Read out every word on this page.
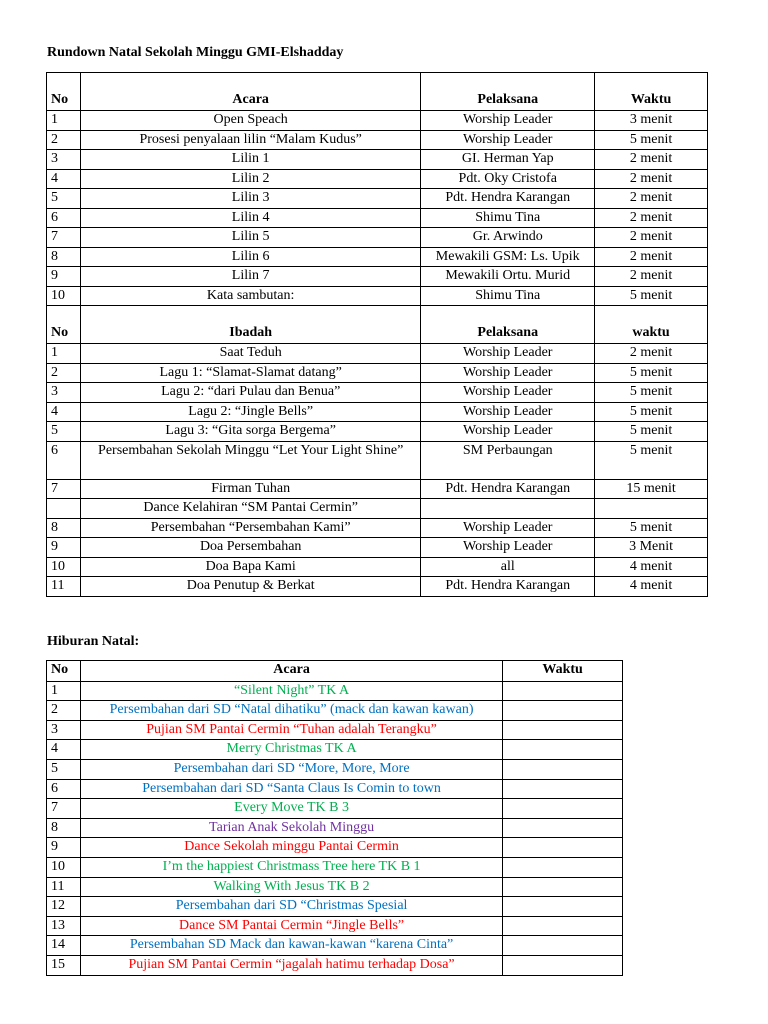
Rundown Natal Sekolah Minggu GMI-Elshadday
No	Acara	Pelaksana	Waktu
1	Open Speach	Worship Leader	3 menit
2	Prosesi penyalaan lilin “Malam Kudus”	Worship Leader	5 menit
3	Lilin 1	GI. Herman Yap	2 menit
4	Lilin 2	Pdt. Oky Cristofa	2 menit
5	Lilin 3	Pdt. Hendra Karangan	2 menit
6	Lilin 4	Shimu Tina	2 menit
7	Lilin 5	Gr. Arwindo	2 menit
8	Lilin 6	Mewakili GSM: Ls. Upik	2 menit
9	Lilin 7	Mewakili Ortu. Murid	2 menit
10	Kata sambutan:	Shimu Tina	5 menit
No	Ibadah	Pelaksana	waktu
1	Saat Teduh	Worship Leader	2 menit
2	Lagu 1: “Slamat-Slamat datang”	Worship Leader	5 menit
3	Lagu 2: “dari Pulau dan Benua”	Worship Leader	5 menit
4	Lagu 2: “Jingle Bells”	Worship Leader	5 menit
5	Lagu 3: “Gita sorga Bergema”	Worship Leader	5 menit
6	Persembahan Sekolah Minggu “Let Your Light Shine”	SM Perbaungan	5 menit
7	Firman Tuhan	Pdt. Hendra Karangan	15 menit
	Dance Kelahiran “SM Pantai Cermin”		
8	Persembahan “Persembahan Kami”	Worship Leader	5 menit
9	Doa Persembahan	Worship Leader	3 Menit
10	Doa Bapa Kami	all	4 menit
11	Doa Penutup & Berkat	Pdt. Hendra Karangan	4 menit
Hiburan Natal:
No	Acara	Waktu
1	“Silent Night” TK A	
2	Persembahan dari SD “Natal dihatiku” (mack dan kawan kawan)	
3	Pujian SM Pantai Cermin “Tuhan adalah Terangku”	
4	Merry Christmas TK A	
5	Persembahan dari SD “More, More, More	
6	Persembahan dari SD “Santa Claus Is Comin to town	
7	Every Move TK B 3	
8	Tarian Anak Sekolah Minggu	
9	Dance Sekolah minggu Pantai Cermin	
10	I’m the happiest Christmass Tree here TK B 1	
11	Walking With Jesus TK B 2	
12	Persembahan dari SD “Christmas Spesial	
13	Dance SM Pantai Cermin “Jingle Bells”	
14	Persembahan SD Mack dan kawan-kawan “karena Cinta”	
15	Pujian SM Pantai Cermin “jagalah hatimu terhadap Dosa”	
